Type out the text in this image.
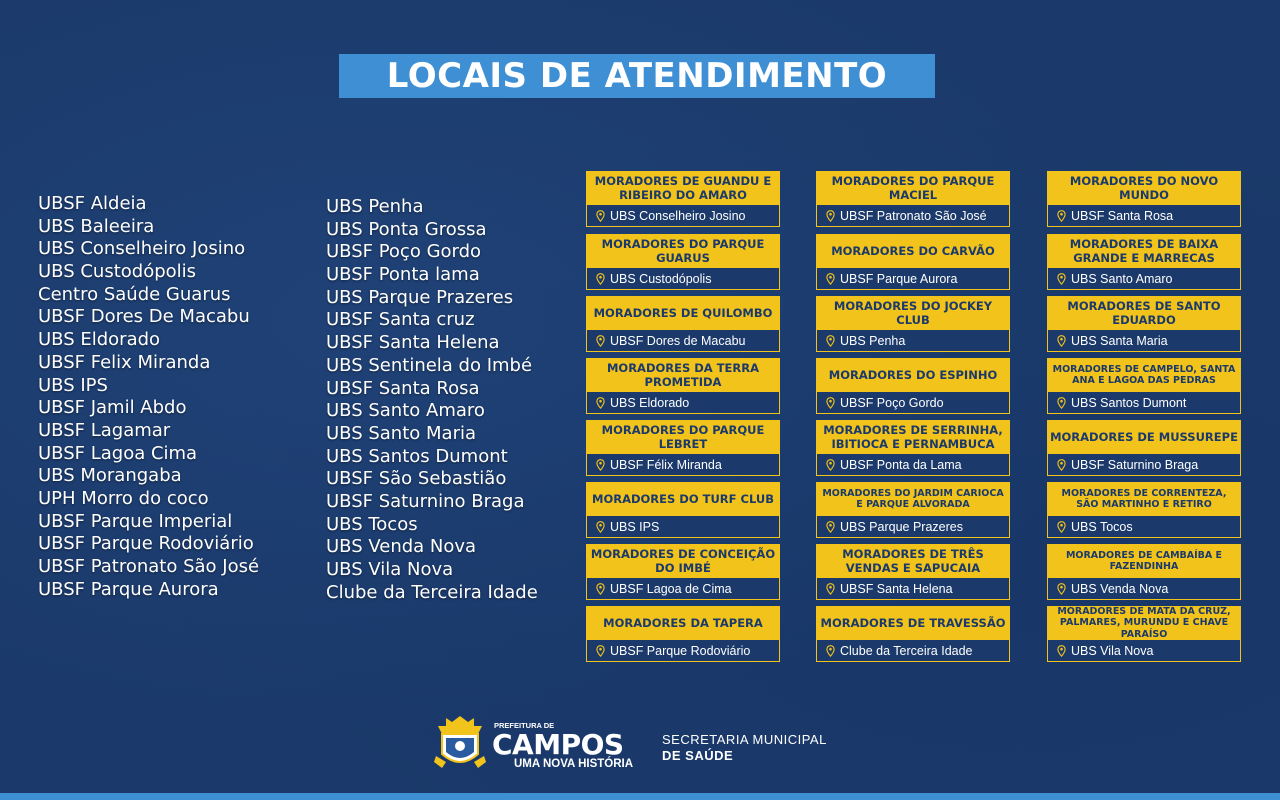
LOCAIS DE ATENDIMENTO
UBSF Aldeia
UBS Baleeira
UBS Conselheiro Josino
UBS Custodópolis
Centro Saúde Guarus
UBSF Dores De Macabu
UBS Eldorado
UBSF Felix Miranda
UBS IPS
UBSF Jamil Abdo
UBSF Lagamar
UBSF Lagoa Cima
UBS Morangaba
UPH Morro do coco
UBSF Parque Imperial
UBSF Parque Rodoviário
UBSF Patronato São José
UBSF Parque Aurora
UBS Penha
UBS Ponta Grossa
UBSF Poço Gordo
UBSF Ponta lama
UBS Parque Prazeres
UBSF Santa cruz
UBSF Santa Helena
UBS Sentinela do Imbé
UBSF Santa Rosa
UBS Santo Amaro
UBS Santo Maria
UBS Santos Dumont
UBSF São Sebastião
UBSF Saturnino Braga
UBS Tocos
UBS Venda Nova
UBS Vila Nova
Clube da Terceira Idade
MORADORES DE GUANDU E RIBEIRO DO AMARO
UBS Conselheiro Josino
MORADORES DO PARQUE GUARUS
UBS Custodópolis
MORADORES DE QUILOMBO
UBSF Dores de Macabu
MORADORES DA TERRA PROMETIDA
UBS Eldorado
MORADORES DO PARQUE LEBRET
UBSF Félix Miranda
MORADORES DO TURF CLUB
UBS IPS
MORADORES DE CONCEIÇÃO DO IMBÉ
UBSF Lagoa de Cima
MORADORES DA TAPERA
UBSF Parque Rodoviário
MORADORES DO PARQUE MACIEL
UBSF Patronato São José
MORADORES DO CARVÃO
UBSF Parque Aurora
MORADORES DO JOCKEY CLUB
UBS Penha
MORADORES DO ESPINHO
UBSF Poço Gordo
MORADORES DE SERRINHA, IBITIOCA E PERNAMBUCA
UBSF Ponta da Lama
MORADORES DO JARDIM CARIOCA E PARQUE ALVORADA
UBS Parque Prazeres
MORADORES DE TRÊS VENDAS E SAPUCAIA
UBSF Santa Helena
MORADORES DE TRAVESSÃO
Clube da Terceira Idade
MORADORES DO NOVO MUNDO
UBSF Santa Rosa
MORADORES DE BAIXA GRANDE E MARRECAS
UBS Santo Amaro
MORADORES DE SANTO EDUARDO
UBS Santa Maria
MORADORES DE CAMPELO, SANTA ANA E LAGOA DAS PEDRAS
UBS Santos Dumont
MORADORES DE MUSSUREPE
UBSF Saturnino Braga
MORADORES DE CORRENTEZA, SÃO MARTINHO E RETIRO
UBS Tocos
MORADORES DE CAMBAÍBA E FAZENDINHA
UBS Venda Nova
MORADORES DE MATA DA CRUZ, PALMARES, MURUNDU E CHAVE PARAÍSO
UBS Vila Nova
PREFEITURA DE
CAMPOS
UMA NOVA HISTÓRIA
SECRETARIA MUNICIPAL
DE SAÚDE
